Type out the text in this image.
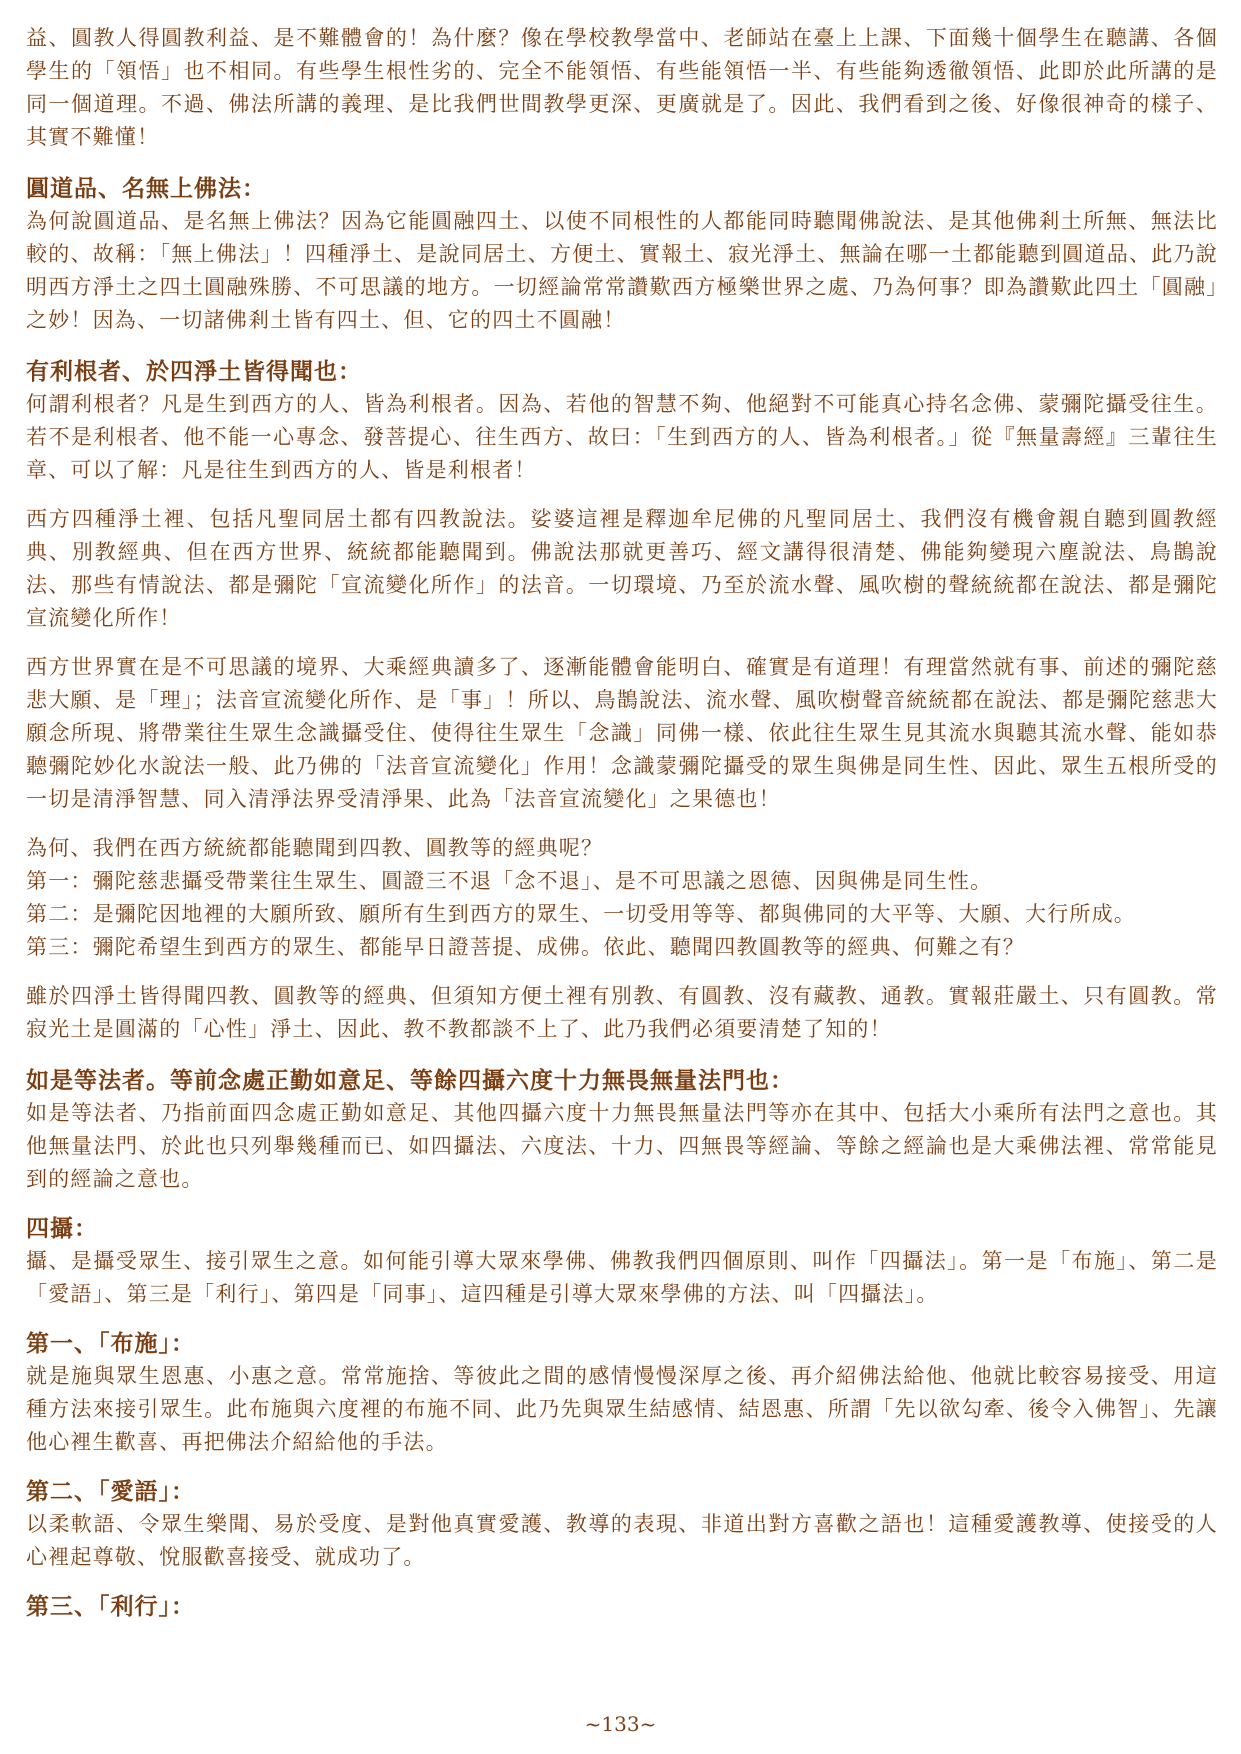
益、圓教人得圓教利益、是不難體會的！為什麼？像在學校教學當中、老師站在臺上上課、下面幾十個學生在聽講、各個學生的「領悟」也不相同。有些學生根性劣的、完全不能領悟、有些能領悟一半、有些能夠透徹領悟、此即於此所講的是同一個道理。不過、佛法所講的義理、是比我們世間教學更深、更廣就是了。因此、我們看到之後、好像很神奇的樣子、其實不難懂！

圓道品、名無上佛法：

為何說圓道品、是名無上佛法？因為它能圓融四土、以使不同根性的人都能同時聽聞佛說法、是其他佛剎土所無、無法比較的、故稱：「無上佛法」！四種淨土、是說同居土、方便土、實報土、寂光淨土、無論在哪一土都能聽到圓道品、此乃說明西方淨土之四土圓融殊勝、不可思議的地方。一切經論常常讚歎西方極樂世界之處、乃為何事？即為讚歎此四土「圓融」之妙！因為、一切諸佛剎土皆有四土、但、它的四土不圓融！

有利根者、於四淨土皆得聞也：

何謂利根者？凡是生到西方的人、皆為利根者。因為、若他的智慧不夠、他絕對不可能真心持名念佛、蒙彌陀攝受往生。若不是利根者、他不能一心專念、發菩提心、往生西方、故曰：「生到西方的人、皆為利根者。」從『無量壽經』三輩往生章、可以了解：凡是往生到西方的人、皆是利根者！

西方四種淨土裡、包括凡聖同居土都有四教說法。娑婆這裡是釋迦牟尼佛的凡聖同居土、我們沒有機會親自聽到圓教經典、別教經典、但在西方世界、統統都能聽聞到。佛說法那就更善巧、經文講得很清楚、佛能夠變現六塵說法、鳥鵲說法、那些有情說法、都是彌陀「宣流變化所作」的法音。一切環境、乃至於流水聲、風吹樹的聲統統都在說法、都是彌陀宣流變化所作！

西方世界實在是不可思議的境界、大乘經典讀多了、逐漸能體會能明白、確實是有道理！有理當然就有事、前述的彌陀慈悲大願、是「理」；法音宣流變化所作、是「事」！所以、鳥鵲說法、流水聲、風吹樹聲音統統都在說法、都是彌陀慈悲大願念所現、將帶業往生眾生念識攝受住、使得往生眾生「念識」同佛一樣、依此往生眾生見其流水與聽其流水聲、能如恭聽彌陀妙化水說法一般、此乃佛的「法音宣流變化」作用！念識蒙彌陀攝受的眾生與佛是同生性、因此、眾生五根所受的一切是清淨智慧、同入清淨法界受清淨果、此為「法音宣流變化」之果德也！

為何、我們在西方統統都能聽聞到四教、圓教等的經典呢？

第一：彌陀慈悲攝受帶業往生眾生、圓證三不退「念不退」、是不可思議之恩德、因與佛是同生性。

第二：是彌陀因地裡的大願所致、願所有生到西方的眾生、一切受用等等、都與佛同的大平等、大願、大行所成。

第三：彌陀希望生到西方的眾生、都能早日證菩提、成佛。依此、聽聞四教圓教等的經典、何難之有？

雖於四淨土皆得聞四教、圓教等的經典、但須知方便土裡有別教、有圓教、沒有藏教、通教。實報莊嚴土、只有圓教。常寂光土是圓滿的「心性」淨土、因此、教不教都談不上了、此乃我們必須要清楚了知的！

如是等法者。等前念處正勤如意足、等餘四攝六度十力無畏無量法門也：

如是等法者、乃指前面四念處正勤如意足、其他四攝六度十力無畏無量法門等亦在其中、包括大小乘所有法門之意也。其他無量法門、於此也只列舉幾種而已、如四攝法、六度法、十力、四無畏等經論、等餘之經論也是大乘佛法裡、常常能見到的經論之意也。

四攝：

攝、是攝受眾生、接引眾生之意。如何能引導大眾來學佛、佛教我們四個原則、叫作「四攝法」。第一是「布施」、第二是「愛語」、第三是「利行」、第四是「同事」、這四種是引導大眾來學佛的方法、叫「四攝法」。

第一、「布施」：

就是施與眾生恩惠、小惠之意。常常施捨、等彼此之間的感情慢慢深厚之後、再介紹佛法給他、他就比較容易接受、用這種方法來接引眾生。此布施與六度裡的布施不同、此乃先與眾生結感情、結恩惠、所謂「先以欲勾牽、後令入佛智」、先讓他心裡生歡喜、再把佛法介紹給他的手法。

第二、「愛語」：

以柔軟語、令眾生樂聞、易於受度、是對他真實愛護、教導的表現、非道出對方喜歡之語也！這種愛護教導、使接受的人心裡起尊敬、悅服歡喜接受、就成功了。

第三、「利行」：

~133~
